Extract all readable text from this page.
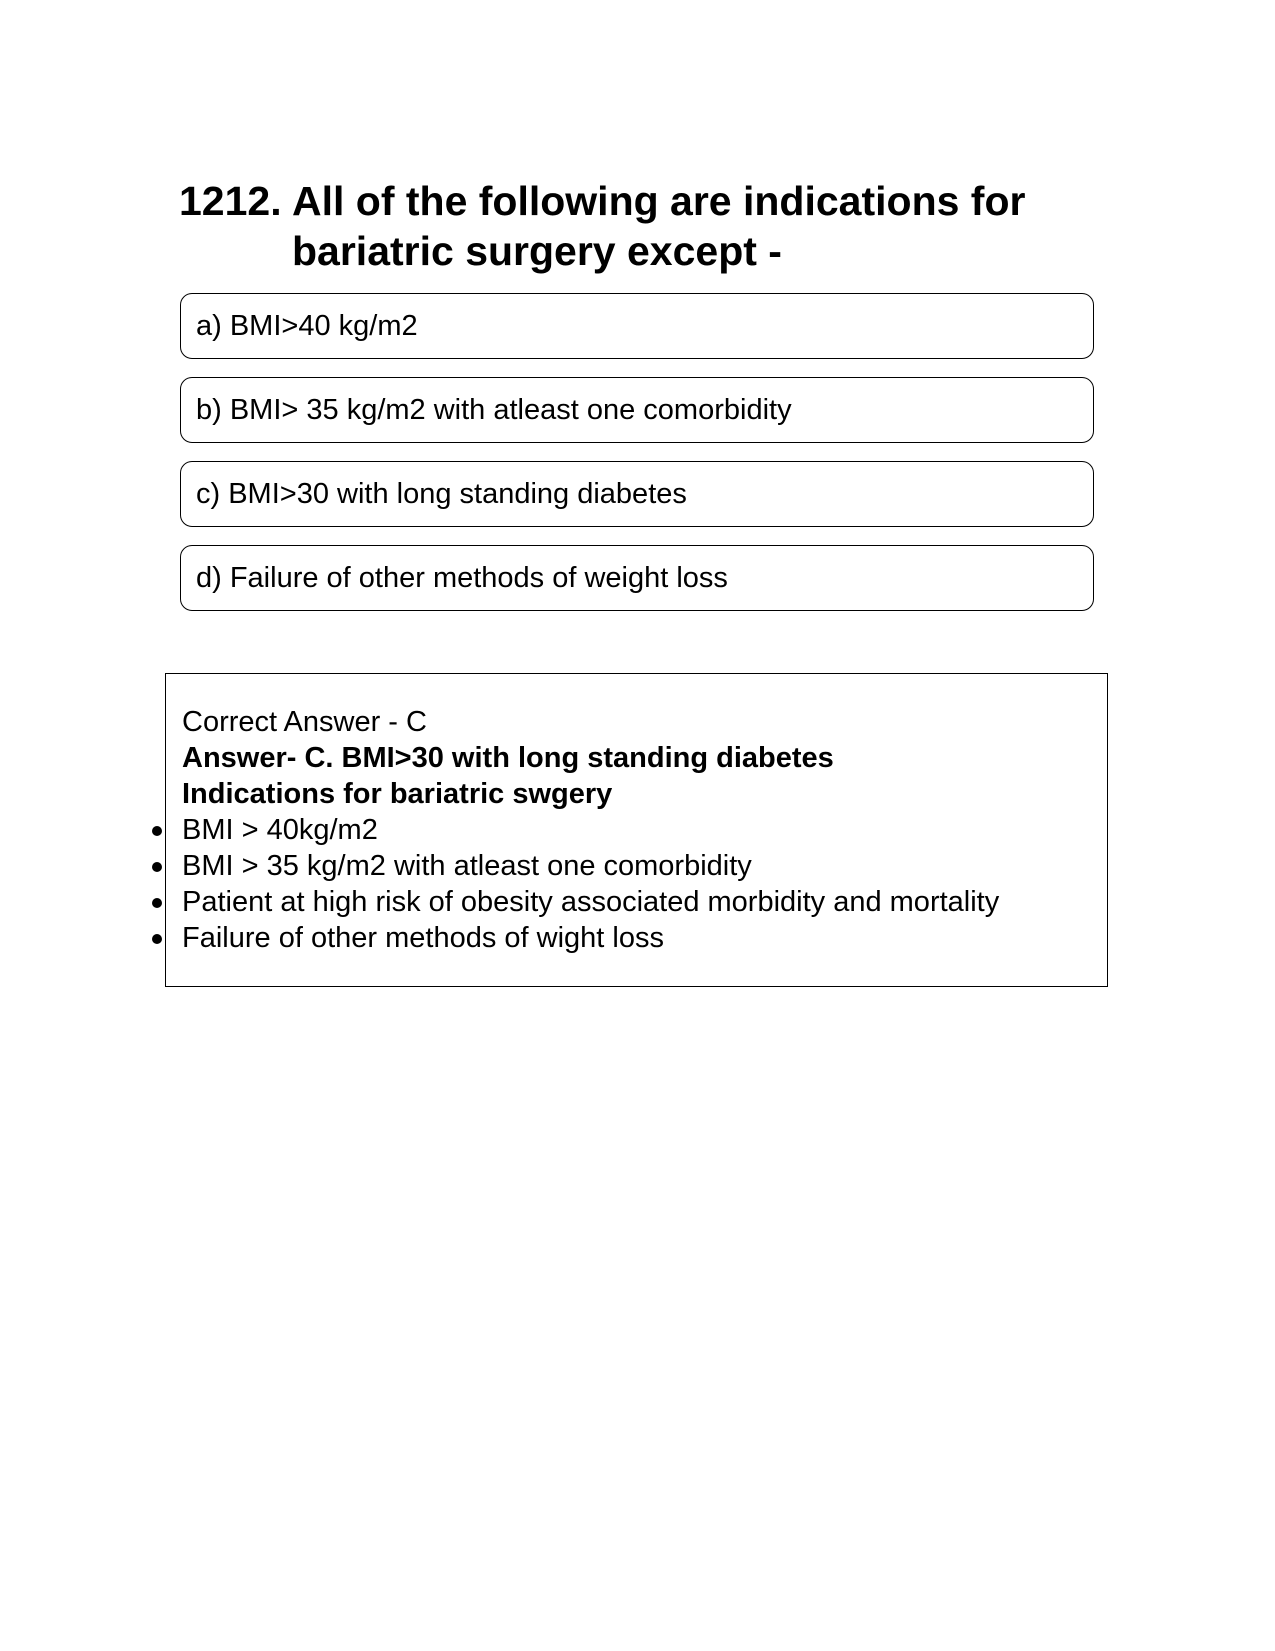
1212. All of the following are indications for bariatric surgery except -
a) BMI>40 kg/m2
b) BMI> 35 kg/m2 with atleast one comorbidity
c) BMI>30 with long standing diabetes
d) Failure of other methods of weight loss
Correct Answer - C
Answer- C. BMI>30 with long standing diabetes
Indications for bariatric swgery
BMI > 40kg/m2
BMI > 35 kg/m2 with atleast one comorbidity
Patient at high risk of obesity associated morbidity and mortality
Failure of other methods of wight loss
